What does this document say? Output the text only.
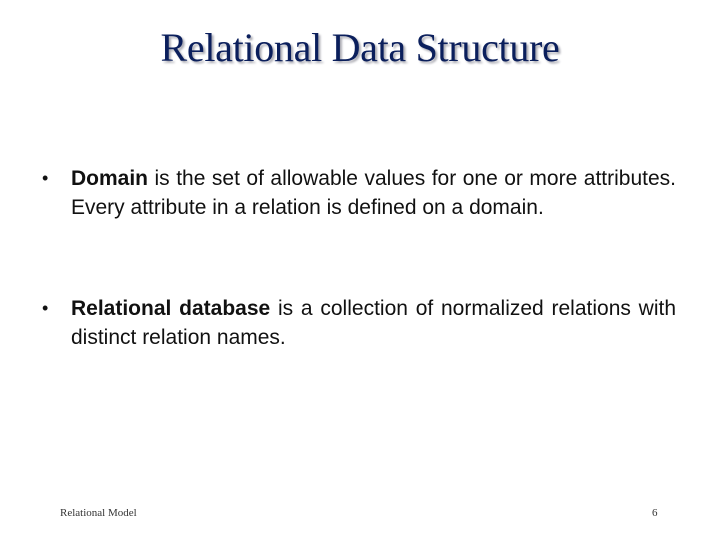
Relational Data Structure
• Domain is the set of allowable values for one or more attributes. Every attribute in a relation is defined on a domain.
• Relational database is a collection of normalized relations with distinct relation names.
Relational Model	6
